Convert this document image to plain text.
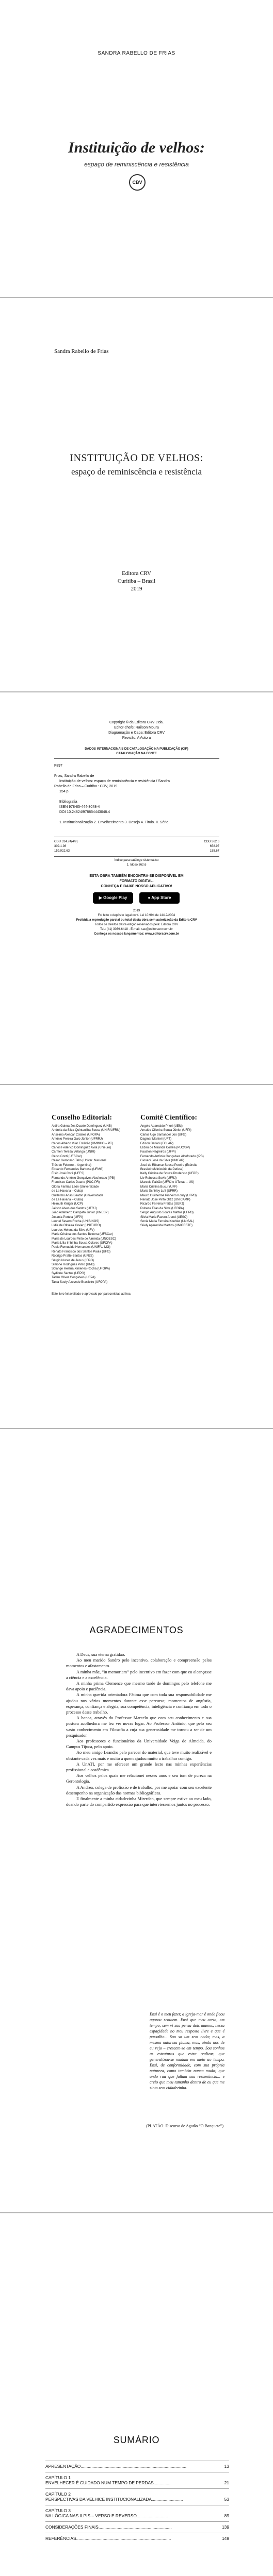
SANDRA RABELLO DE FRIAS
Instituição de velhos:
espaço de reminiscência e resistência
CBV
Sandra Rabello de Frias
INSTITUIÇÃO DE VELHOS:
espaço de reminiscência e resistência
Editora CRV
Curitiba – Brasil
2019
Copyright © da Editora CRV Ltda.
Editor-chefe: Railson Moura
Diagramação e Capa: Editora CRV
Revisão: A Autora
DADOS INTERNACIONAIS DE CATALOGAÇÃO NA PUBLICAÇÃO (CIP)
CATALOGAÇÃO NA FONTE
F897
Frias, Sandra Rabello de
Instituição de velhos: espaço de reminiscência e resistência / Sandra
Rabello de Frias – Curitiba : CRV, 2019.
154 p.
Bibliografia
ISBN 978-85-444-3048-4
DOI 10.24824/978854443048.4
1. Institucionalização 2. Envelhecimento 3. Desejo 4. Título. II. Série.
CDU 314.74(4/9)
302.1.98
159.922.63
CDD 362.6
658.97
155.67
Índice para catálogo sistemático
1. Idoso 362.6
ESTA OBRA TAMBÉM ENCONTRA-SE DISPONÍVEL EM
FORMATO DIGITAL.
CONHEÇA E BAIXE NOSSO APLICATIVO!
▶ Google Play	● App Store
2019
Foi feito o depósito legal conf. Lei 10.994 de 14/12/2004
Proibida a reprodução parcial ou total desta obra sem autorização da Editora CRV
Todos os direitos desta edição reservados pela: Editora CRV
Tel.: (41) 3039-6418 - E-mail: sac@editoracrv.com.br
Conheça os nossos lançamentos: www.editoracrv.com.br
Conselho Editorial:	Comitê Científico:
Aldira Guimarães Duarte Domínguez (UNB)
Andréia da Silva Quintanilha Sousa (UNIR/UFRN)
Anselmo Alencar Colares (UFOPA)
Antônio Pereira Gaio Júnior (UFRRJ)
Carlos Alberto Vilar Estêvão (UMINHO – PT)
Carlos Federico Dominguez Avila (Unieuro)
Carmen Tereza Velanga (UNIR)
Celso Conti (UFSCar)
Cesar Gerónimo Tello (Univer .Nacional
Três de Febrero – Argentina)
Eduardo Fernandes Barbosa (UFMG)
Élsio José Corá (UFFS)
Fernando Antônio Gonçalves Alcoforado (IPB)
Francisco Carlos Duarte (PUC-PR)
Gloria Fariñas León (Universidade
de La Havana – Cuba)
Guillermo Arias Beatón (Universidade
de La Havana – Cuba)
Helmuth Krüger (UCP)
Jailson Alves dos Santos (UFRJ)
João Adalberto Campato Junior (UNESP)
Josania Portela (UFPI)
Leonel Severo Rocha (UNISINOS)
Lídia de Oliveira Xavier (UNIEURO)
Lourdes Helena da Silva (UFV)
Maria Cristina dos Santos Bezerra (UFSCar)
Maria de Lourdes Pinto de Almeida (UNOESC)
Maria Lília Imbiriba Sousa Colares (UFOPA)
Paulo Romualdo Hernandes (UNIFAL-MG)
Renato Francisco dos Santos Paula (UFG)
Rodrigo Pratte-Santos (UFES)
Sérgio Nunes de Jesus (IFRO)
Simone Rodrigues Pinto (UNB)
Solange Helena Ximenes-Rocha (UFOPA)
Sydione Santos (UEPG)
Tadeu Oliver Gonçalves (UFPA)
Tania Suely Azevedo Brasileiro (UFOPA)
Angelo Aparecido Priori (UEM)
Arnaldo Oliveira Souza Júnior (UFPI)
Carlos Ugo Santander Joo (UFG)
Dagmar Manieri (UFT)
Edison Bariani (FCLAR)
Elizeu de Miranda Corrêa (PUC/SP)
Fauston Negreiros (UFPI)
Fernando Antônio Gonçalves Alcoforado (IPB)
Giovani José da Silva (UNIFAP)
José de Ribamar Sousa Pereira (Exército
Brasileiro/Ministério da Defesa)
Kelly Cristina de Souza Prudencio (UFPR)
Liv Rebecca Sovik (UFRJ)
Marcelo Paixão (UFRJ e UTexas – US)
Maria Cristina Bucur (UFF)
Maria Schirley Luft (UFRR)
Mauro Guilherme Pinheiro Koury (UFPB)
Renato Jose Pinto Ortiz (UNICAMP)
Ricardo Ferreira Freitas (UERJ)
Rubens Elias da Silva (UFOPA)
Sergio Augusto Soares Mattos (UFRB)
Silvia Maria Favero Arend (UESC)
Sonia Maria Ferreira Koehler (UNISAL)
Süely Aparecida Martins (UNIOESTE)
Este livro foi avaliado e aprovado por pareceristas ad hoc.
AGRADECIMENTOS

A Deus, sua eterna gratidão.

Ao meu marido Sandro pelo incentivo, colaboração e compreensão pelos momentos e afastamento.

A minha mãe, “in memoriam” pelo incentivo em fazer com que eu alcançasse a ciência e a excelência.

A minha prima Clemence que mesmo tarde de domingos pelo telefone me dava apoio e paciência.

A minha querida orientadora Fátima que com toda sua responsabilidade me ajudou nos vários momentos durante esse percurso; momentos de angústia, esperança, confiança e alegria, sua competência, inteligência e confiança em todo o processo desse trabalho.

A banca, através do Professor Marcelo que com seu conhecimento e sua postura acolhedora me fez ver novas lugar. Ao Professor Antônio, que pelo seu vasto conhecimento em Filosofia a cuja sua generosidade me tornou a ser de um pesquisador.

Aos professores e funcionários da Universidade Veiga de Almeida, do Campus Tijuca, pelo apoio.

Ao meu amigo Leandro pelo parecer do material, que teve muito realizável e obstante cada vez mais e muito a quem ajudou muito a trabalhar comigo.

A UnATI, por me oferecer um grande lecto nas minhas experiências profissional e acadêmica.

Aos velhos pelos quais me relacionei nesses anos e seu tom de pureza na Gerontologia.

A Andrea, colega de profissão e de trabalho, por me apoiar com seu excelente desempenho na organização das normas bibliográficas.

E finalmente a minha cidadezinha Mirerdan, que sempre estive ao meu lado, doando parte do compartido expressão para que interviessemos juntos no processo.

Ensi é o meu fazer, a igreja-mar é onde ficou agorou sentaem. Ensi que meu carta, em tempo, sem vi sua pensa dois mamos, nessa espaçidade no meu resposta livre e que é passalho... Sou so um sem nada; mas, a mesma natureza pluma, mas, ainda nos de eu vejo – crescem-se em tempo. Sou sonhos as estruturas que estra realizas, que generalizou-se mudam em meio ao tempo. Ensi, de conformidade, com sua própria natureza, como também nunca mudo; que ando rua que fallam sua ressonância... e creio que meu tamanho dentro de eu que me sinto sem cidadezinha.
(PLATÃO. Discurso de Agatão “O Banquete”).
SUMÁRIO
APRESENTAÇÃO........................................................................................	13
CAPÍTULO 1
ENVELHECER É CUIDADO NUM TEMPO DE PERDAS..............	21
CAPÍTULO 2
PERSPECTIVAS DA VELHICE INSTITUCIONALIZADA..........................	53
CAPÍTULO 3
NA LÓGICA NAS ILPIS – VERSO E REVERSO..........................	89
CONSIDERAÇÕES FINAIS.............................................................	139
REFERÊNCIAS...............................................................................	149
